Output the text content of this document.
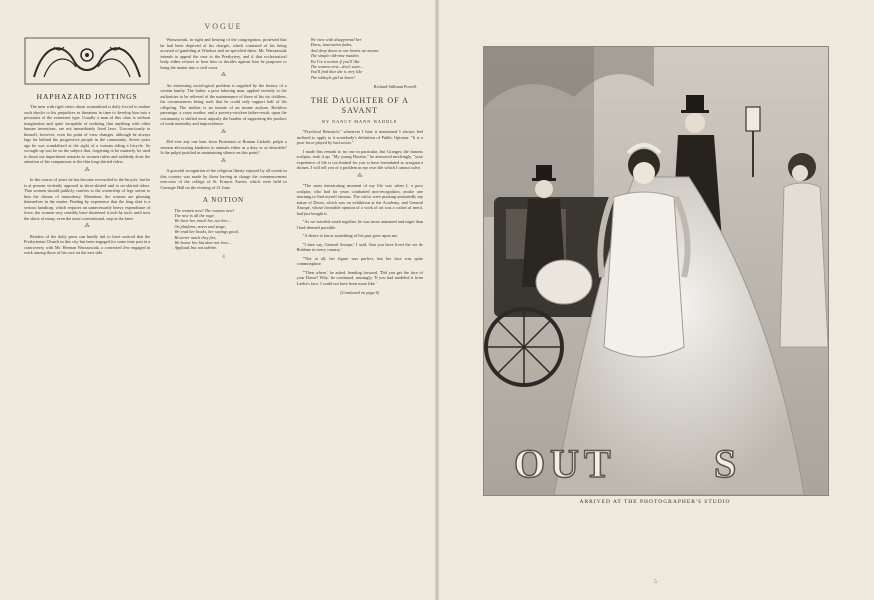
VOGUE
HAPHAZARD JOTTINGS

The men with rigid views about womankind is daily forced to endure such shocks to his prejudices as threatens in time to develop him into a pessimist of the extremest type. Usually a man of this class is without imagination and quite incapable of realizing that anything with other human inventions, are not immediately fixed laws. Unconsciously to himself, however, even his point of view changes, although he always lags far behind the progressive people in the community. Seven years ago he was scandalized at the sight of a woman riding a bicycle. So wrought up was he on the subject that, forgetting to be masterly, he used to shout out impertinent remarks to women riders and suddenly draw the attention of his companions to the thin long-skirted riders.

⁂

In the course of years he has become reconciled to the bicycle, but he is at present violently opposed to short-skirted and to no-skirted riders. That women should publicly confess to the ownership of legs seems to him the climax of immodesty. Meantime, the women are pleasing themselves in the matter. Finding by experience that the long skirt is a serious handicap, which requires an unnecessarily heavy expenditure of force, the women very sensibly have shortened it inch by inch, until now the skirts of many, even the most conventional, stop at the knee.

⁂

Readers of the daily press can hardly fail to have noticed that the Presbyterian Church in this city has been engaged for some time past in a controversy with Mr. Herman Warszawiak, a converted Jew engaged in work among those of his race on the east side.

Warszawiak, in sight and hearing of the congregation, protested that he had been deprived of his charges, which consisted of his being accused of gambling at Windsor and on specified dates. Mr. Warszawiak intends to appeal the case to the Presbytery, and if that ecclesiastical body either refuses to hear him or decides against him he purposes to bring the matter into a civil court.

⁂

An interesting sociological problem is supplied by the history of a certain family. The father, a poor laboring man, applied recently to the authorities to be relieved of the maintenance of three of his six children, his circumstances being such that he could only support half of his offspring. The mother is an inmate of an insane asylum. Reckless parentage, a crazy mother, and a poverty-stricken father-result, upon the community is shifted most unjustly the burden of supporting the product of weak mentality and improvidence.

⁂

Did ever any one hear from Protestant or Roman Catholic pulpit a sermon advocating kindness to animals either as a duty or as desirable? Is the pulpit justified in maintaining silence on this point?

⁂

A graceful recognition of the religious liberty enjoyed by all creeds in this country was made by those having in charge the commencement exercises of the college of St. Francis Xavier, which were held in Carnegie Hall on the evening of 21 June.

A NOTION
The women now! The woman new!
The new is all the rage;
We hear her, touch her, see her—
On platform, street and stage;
We read her books, her sayings good,
However much they fret,
We honor her but dare not love—
Applaud, but not admire.
4
We view with disapproval her
Dress, innovation fades,
And deep down in our hearts we mourn
The simple old-time maiden.
Yet I've a notion if you'll like
The women new—don't start—
You'll find that she is very like
The oldstyle girl at heart!
Richard Stillman Powell.
THE DAUGHTER OF A SAVANT
BY NANCY MANN WADDLE

"Psychical Research," whenever I hear it mentioned I always feel inclined to apply to it somebody's definition of Public Opinion: "It is a poor force played by bad actors."

I made this remark to no one in particular, but Granger, the famous sculptor, took it up. "My young Horatio," he answered mockingly, "your experience of life is too limited for you to have formulated so arrogant a dictum. I will tell you of a problem in my own life which I cannot solve.

⁂

"The most intoxicating moment of my life was when I, a poor sculptor, who had for years combatted non-recognition, awoke one morning to find myself famous. The critics were praising unstintedly my statue of Dawn, which was on exhibition at the Academy, and General Anospe, whose favorable opinion of a work of art was a cachet of merit, had just bought it.

"As we traveled south together, he was more animated and eager than I had deemed possible.

"A desire to know something of his past grew upon me.

"I dare say, General Anospe,' I said, 'that you have lived the vie de Bohème in every country.'

"'Not at all, her figure was perfect, but her face was quite commonplace.

"'Then where,' he asked, bending forward, 'Did you get the face of your Dawn? Why,' he continued, musingly, 'If you had modeled it from Laelia's face, I could not have been more like.'

(Continued on page 6)
O U T	S
ARRIVED AT THE PHOTOGRAPHER'S STUDIO
5
